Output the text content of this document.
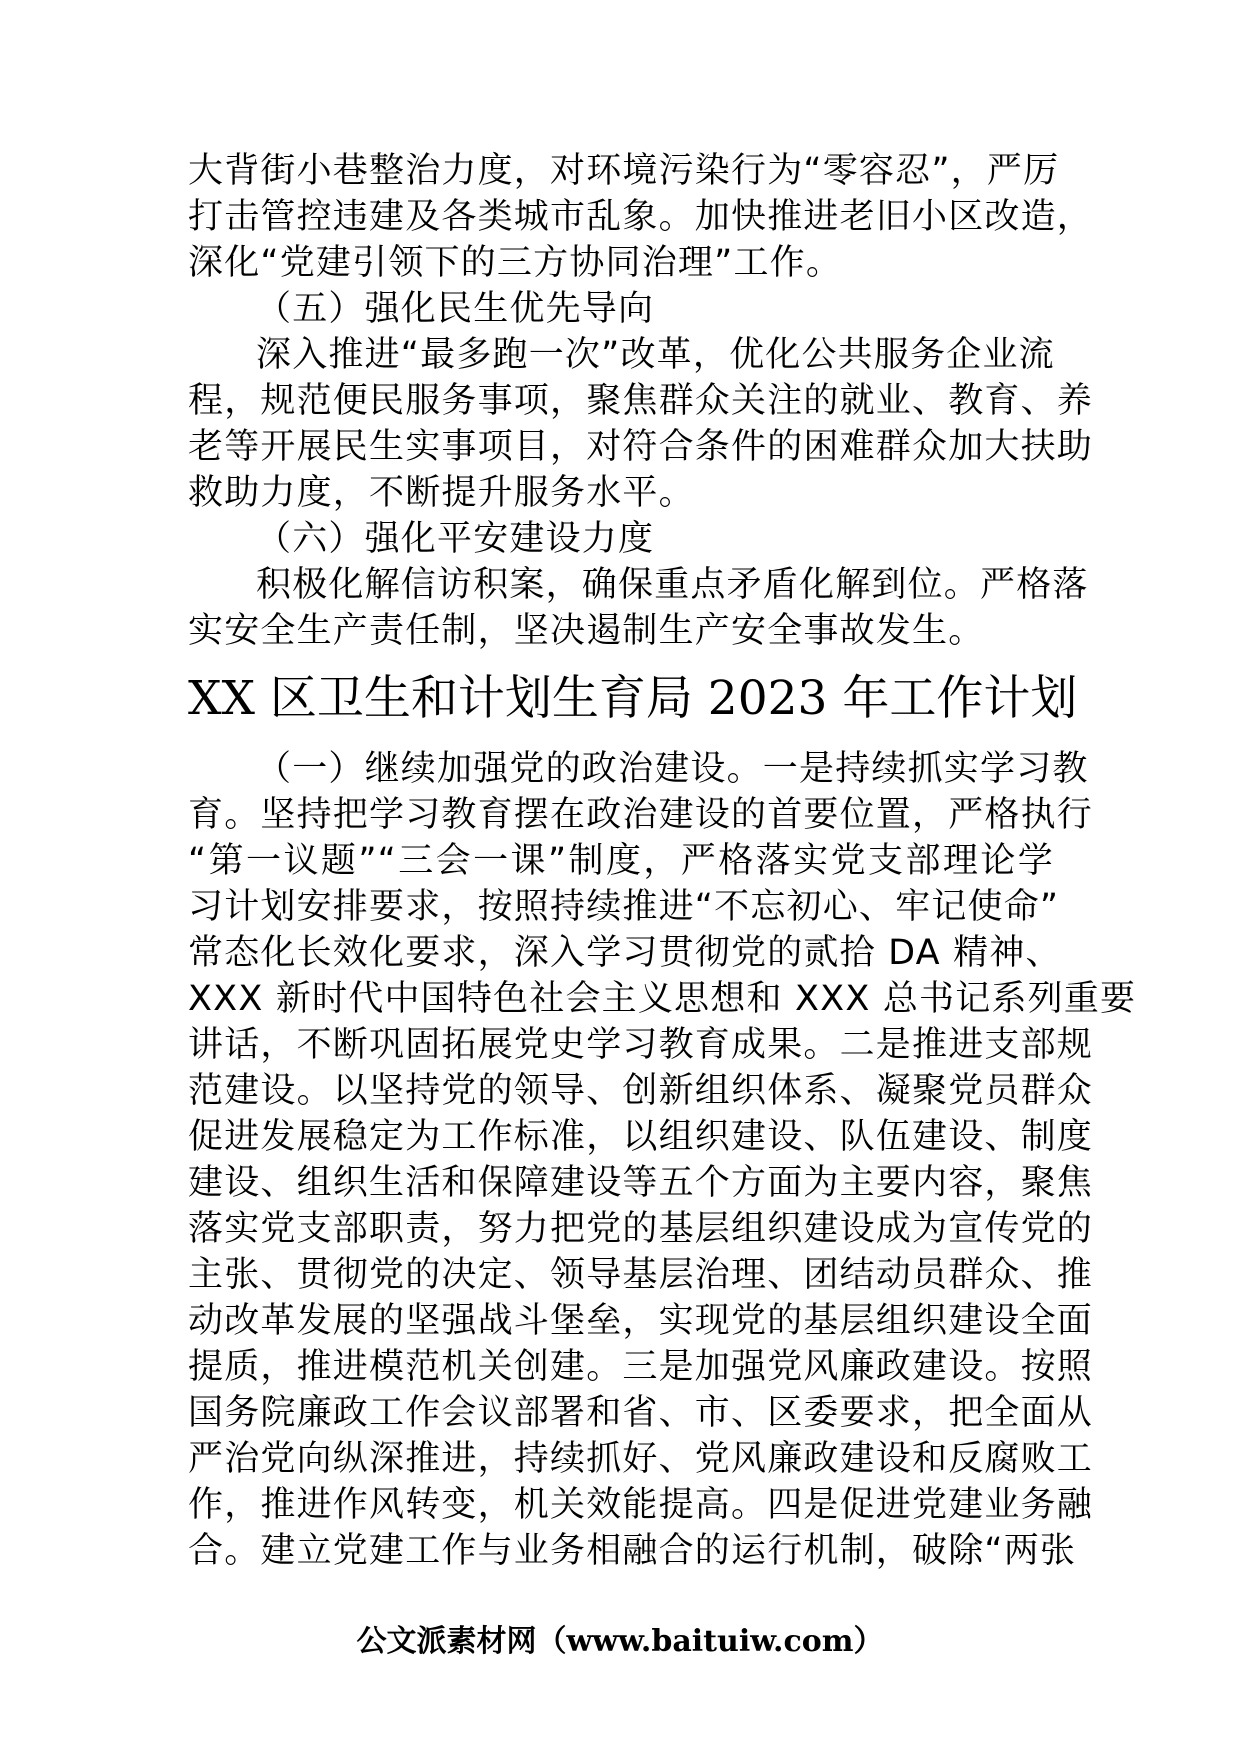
大背街小巷整治力度，对环境污染行为“零容忍”，严厉
打击管控违建及各类城市乱象。加快推进老旧小区改造，
深化“党建引领下的三方协同治理”工作。
（五）强化民生优先导向
深入推进“最多跑一次”改革，优化公共服务企业流
程，规范便民服务事项，聚焦群众关注的就业、教育、养
老等开展民生实事项目，对符合条件的困难群众加大扶助
救助力度，不断提升服务水平。
（六）强化平安建设力度
积极化解信访积案，确保重点矛盾化解到位。严格落
实安全生产责任制，坚决遏制生产安全事故发生。
XX 区卫生和计划生育局 2023 年工作计划
（一）继续加强党的政治建设。一是持续抓实学习教
育。坚持把学习教育摆在政治建设的首要位置，严格执行
“第一议题”“三会一课”制度，严格落实党支部理论学
习计划安排要求，按照持续推进“不忘初心、牢记使命”
常态化长效化要求，深入学习贯彻党的贰拾 DA 精神、
XXX 新时代中国特色社会主义思想和 XXX 总书记系列重要
讲话，不断巩固拓展党史学习教育成果。二是推进支部规
范建设。以坚持党的领导、创新组织体系、凝聚党员群众
促进发展稳定为工作标准，以组织建设、队伍建设、制度
建设、组织生活和保障建设等五个方面为主要内容，聚焦
落实党支部职责，努力把党的基层组织建设成为宣传党的
主张、贯彻党的决定、领导基层治理、团结动员群众、推
动改革发展的坚强战斗堡垒，实现党的基层组织建设全面
提质，推进模范机关创建。三是加强党风廉政建设。按照
国务院廉政工作会议部署和省、市、区委要求，把全面从
严治党向纵深推进，持续抓好、党风廉政建设和反腐败工
作，推进作风转变，机关效能提高。四是促进党建业务融
合。建立党建工作与业务相融合的运行机制，破除“两张
公文派素材网（www.baituiw.com）
